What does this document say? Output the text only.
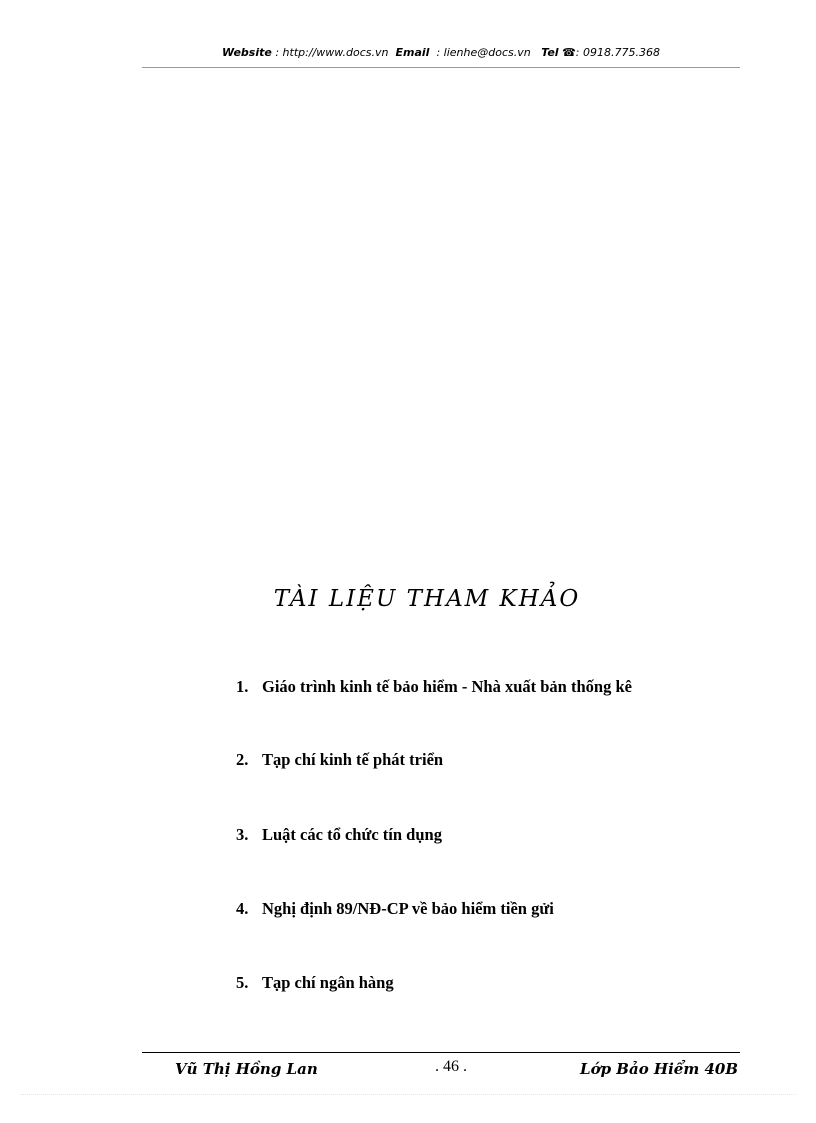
Website : http://www.docs.vn Email : lienhe@docs.vn Tel ☎: 0918.775.368
TÀI LIỆU THAM KHẢO
1. Giáo trình kinh tế bảo hiểm - Nhà xuất bản thống kê
2. Tạp chí kinh tế phát triển
3. Luật các tổ chức tín dụng
4. Nghị định 89/NĐ-CP về bảo hiểm tiền gửi
5. Tạp chí ngân hàng
Vũ Thị Hồng Lan	. 46 .	Lớp Bảo Hiểm 40B
